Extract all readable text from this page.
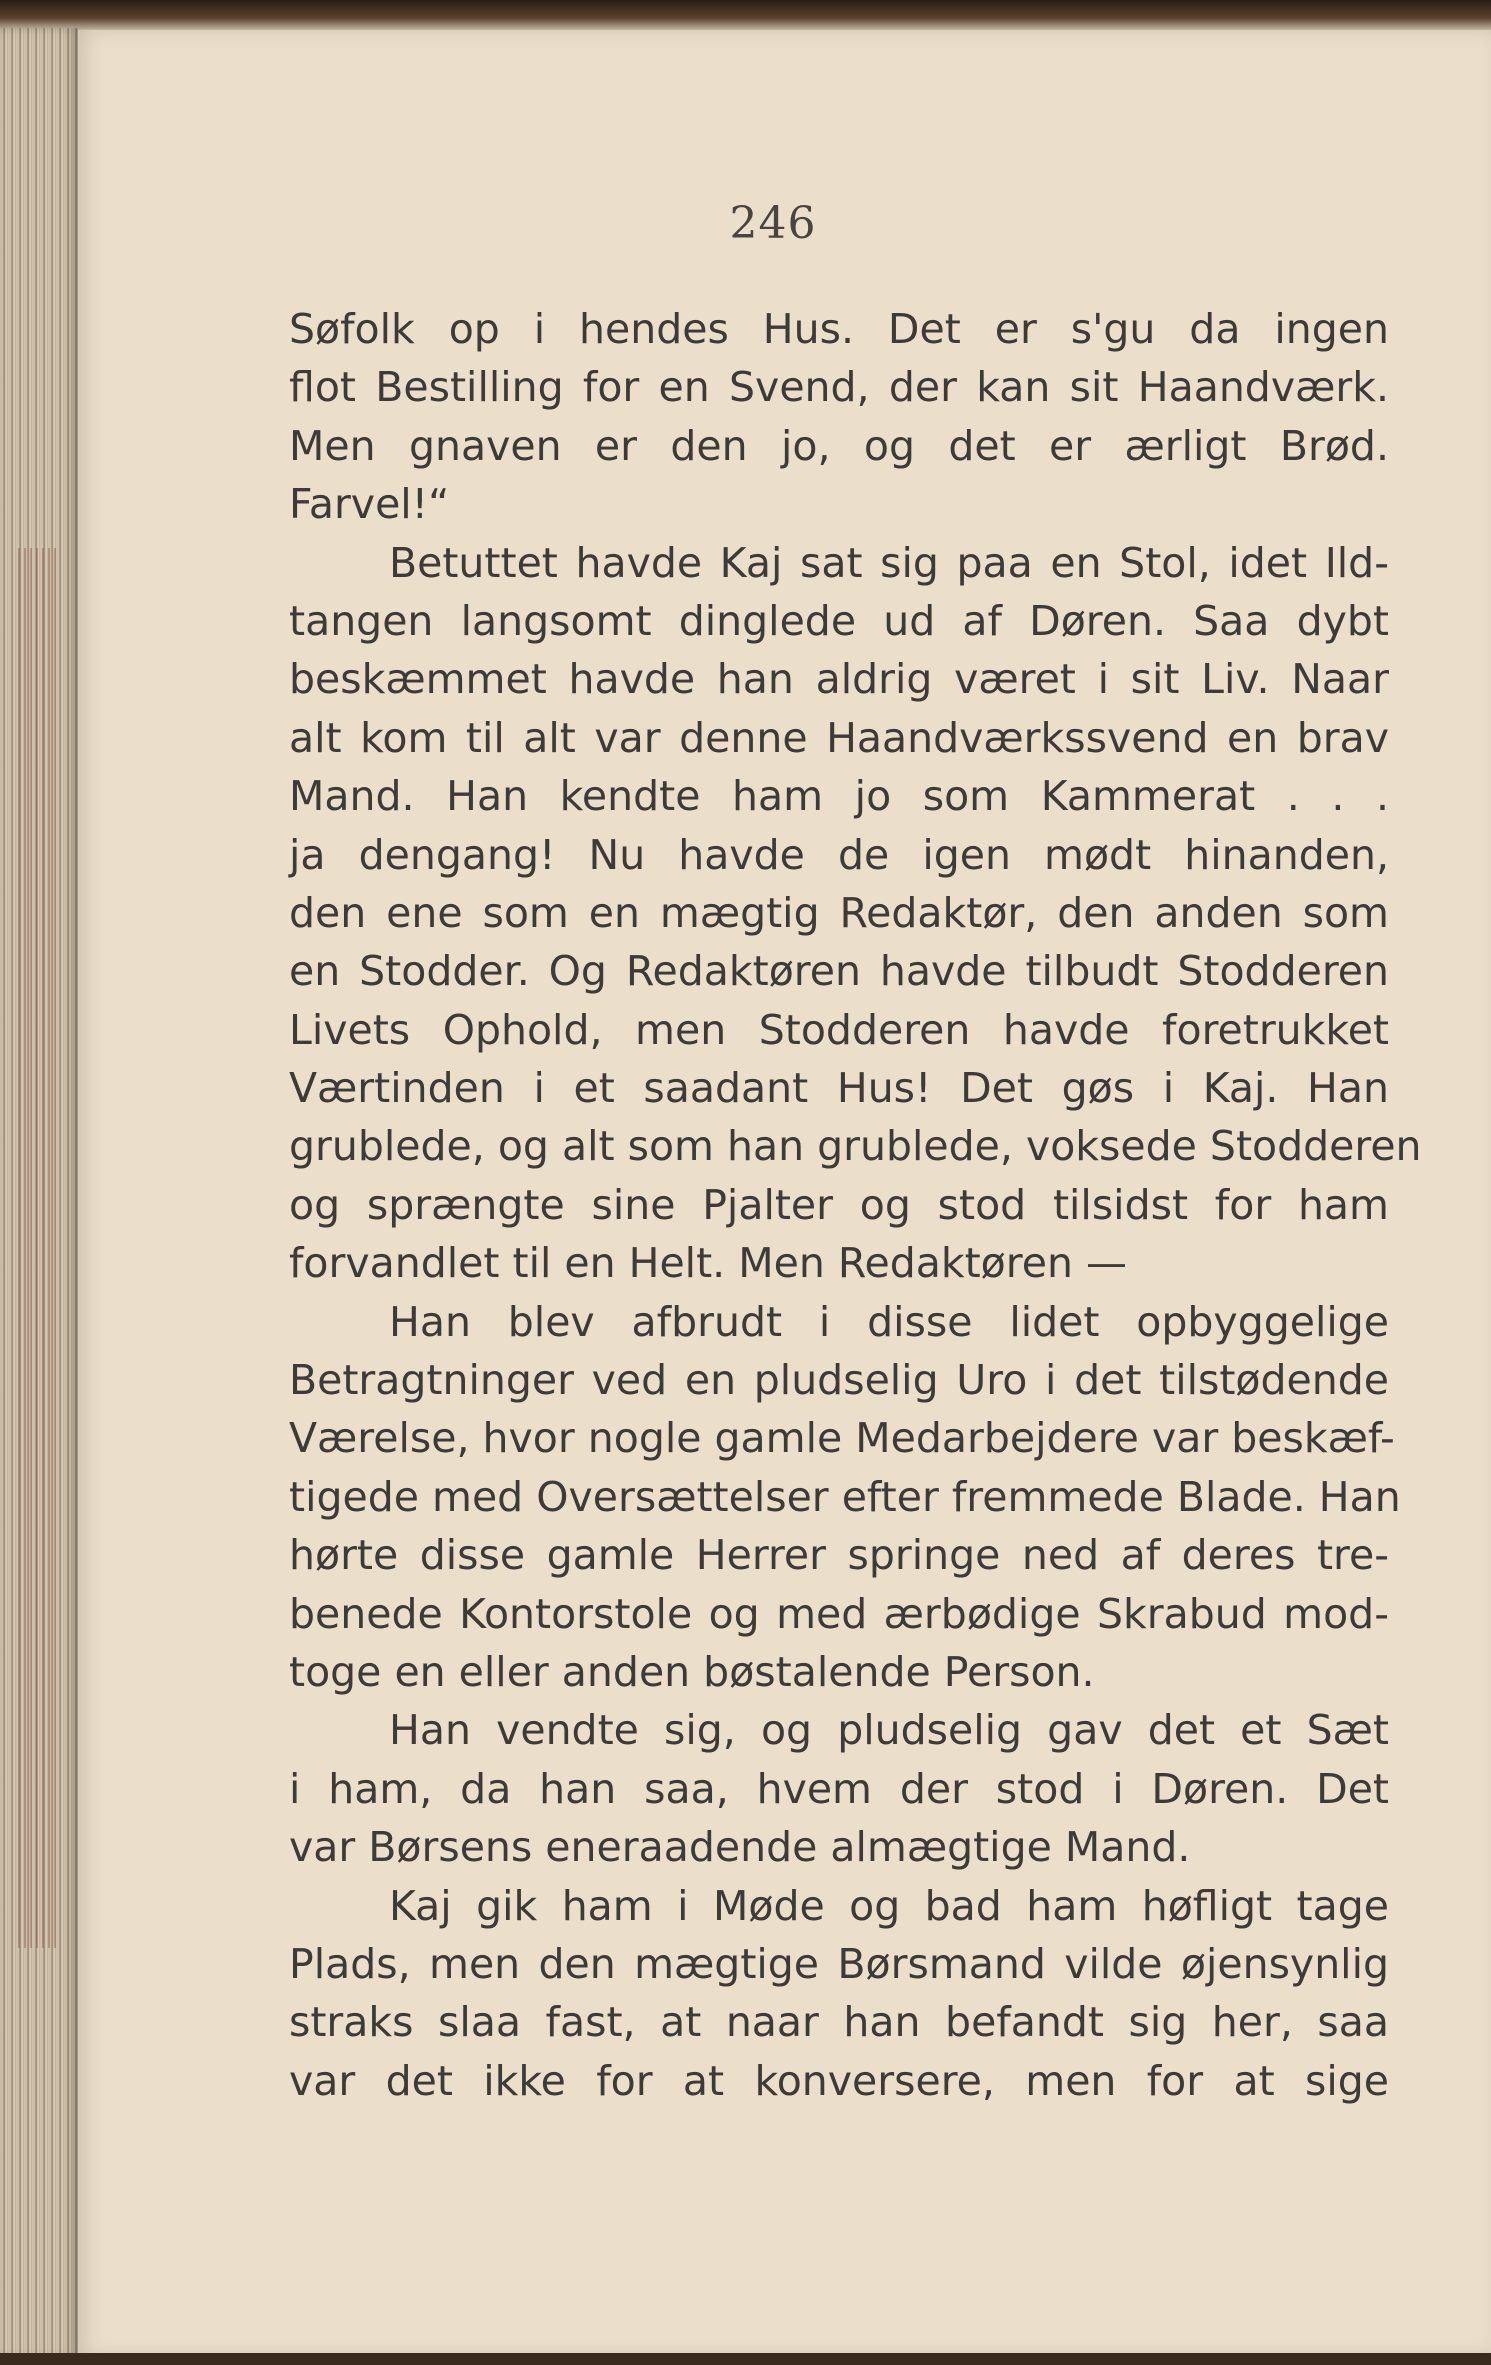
246
Søfolk op i hendes Hus. Det er s'gu da ingen
flot Bestilling for en Svend, der kan sit Haandværk.
Men gnaven er den jo, og det er ærligt Brød.
Farvel!“
Betuttet havde Kaj sat sig paa en Stol, idet Ild-
tangen langsomt dinglede ud af Døren. Saa dybt
beskæmmet havde han aldrig været i sit Liv. Naar
alt kom til alt var denne Haandværkssvend en brav
Mand. Han kendte ham jo som Kammerat . . .
ja dengang! Nu havde de igen mødt hinanden,
den ene som en mægtig Redaktør, den anden som
en Stodder. Og Redaktøren havde tilbudt Stodderen
Livets Ophold, men Stodderen havde foretrukket
Værtinden i et saadant Hus! Det gøs i Kaj. Han
grublede, og alt som han grublede, voksede Stodderen
og sprængte sine Pjalter og stod tilsidst for ham
forvandlet til en Helt. Men Redaktøren —
Han blev afbrudt i disse lidet opbyggelige
Betragtninger ved en pludselig Uro i det tilstødende
Værelse, hvor nogle gamle Medarbejdere var beskæf-
tigede med Oversættelser efter fremmede Blade. Han
hørte disse gamle Herrer springe ned af deres tre-
benede Kontorstole og med ærbødige Skrabud mod-
toge en eller anden bøstalende Person.
Han vendte sig, og pludselig gav det et Sæt
i ham, da han saa, hvem der stod i Døren. Det
var Børsens eneraadende almægtige Mand.
Kaj gik ham i Møde og bad ham høfligt tage
Plads, men den mægtige Børsmand vilde øjensynlig
straks slaa fast, at naar han befandt sig her, saa
var det ikke for at konversere, men for at sige
